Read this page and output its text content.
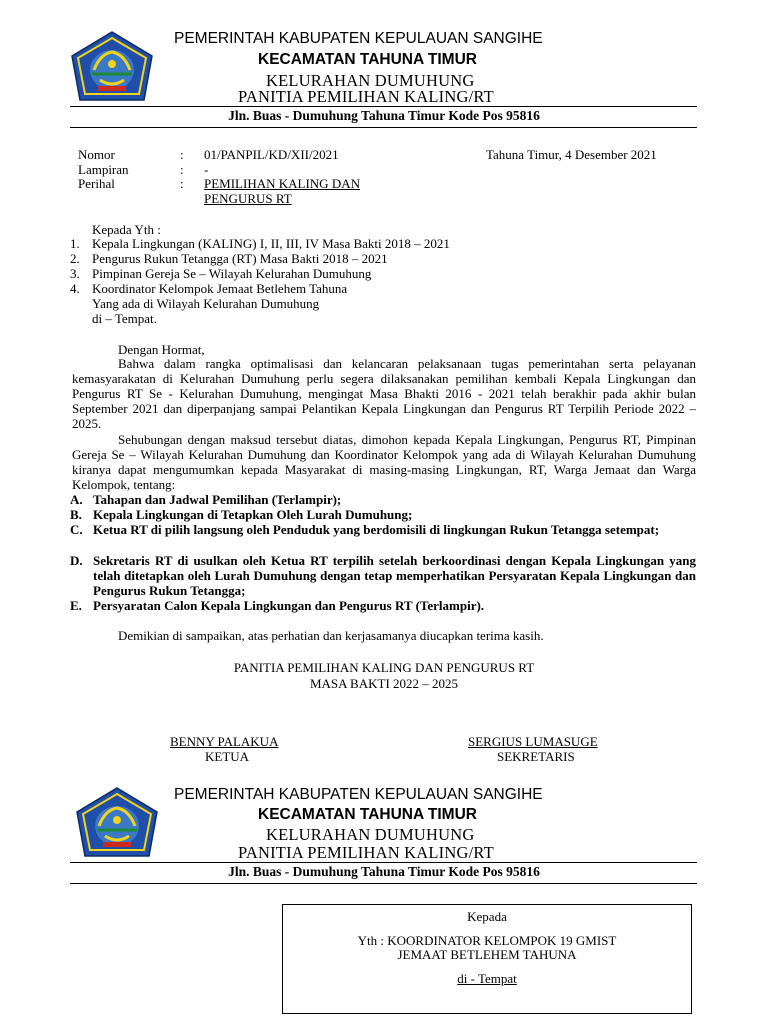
PEMERINTAH KABUPATEN KEPULAUAN SANGIHE
KECAMATAN TAHUNA TIMUR
KELURAHAN DUMUHUNG
PANITIA PEMILIHAN KALING/RT
Jln. Buas - Dumuhung Tahuna Timur Kode Pos 95816
Nomor	: 01/PANPIL/KD/XII/2021	Tahuna Timur, 4 Desember 2021
Lampiran	: -
Perihal	: PEMILIHAN KALING DAN
PENGURUS RT
Kepada Yth :
1. Kepala Lingkungan (KALING) I, II, III, IV Masa Bakti 2018 – 2021
2. Pengurus Rukun Tetangga (RT) Masa Bakti 2018 – 2021
3. Pimpinan Gereja Se – Wilayah Kelurahan Dumuhung
4. Koordinator Kelompok Jemaat Betlehem Tahuna
Yang ada di Wilayah Kelurahan Dumuhung
di – Tempat.
Dengan Hormat,
Bahwa dalam rangka optimalisasi dan kelancaran pelaksanaan tugas pemerintahan serta pelayanan kemasyarakatan di Kelurahan Dumuhung perlu segera dilaksanakan pemilihan kembali Kepala Lingkungan dan Pengurus RT Se - Kelurahan Dumuhung, mengingat Masa Bhakti 2016 - 2021 telah berakhir pada akhir bulan September 2021 dan diperpanjang sampai Pelantikan Kepala Lingkungan dan Pengurus RT Terpilih Periode 2022 – 2025.
Sehubungan dengan maksud tersebut diatas, dimohon kepada Kepala Lingkungan, Pengurus RT, Pimpinan Gereja Se – Wilayah Kelurahan Dumuhung dan Koordinator Kelompok yang ada di Wilayah Kelurahan Dumuhung kiranya dapat mengumumkan kepada Masyarakat di masing-masing Lingkungan, RT, Warga Jemaat dan Warga Kelompok, tentang:
A. Tahapan dan Jadwal Pemilihan (Terlampir);
B. Kepala Lingkungan di Tetapkan Oleh Lurah Dumuhung;
C. Ketua RT di pilih langsung oleh Penduduk yang berdomisili di lingkungan Rukun Tetangga setempat;
D. Sekretaris RT di usulkan oleh Ketua RT terpilih setelah berkoordinasi dengan Kepala Lingkungan yang telah ditetapkan oleh Lurah Dumuhung dengan tetap memperhatikan Persyaratan Kepala Lingkungan dan Pengurus Rukun Tetangga;
E. Persyaratan Calon Kepala Lingkungan dan Pengurus RT (Terlampir).
Demikian di sampaikan, atas perhatian dan kerjasamanya diucapkan terima kasih.
PANITIA PEMILIHAN KALING DAN PENGURUS RT
MASA BAKTI 2022 – 2025
BENNY PALAKUA
KETUA
SERGIUS LUMASUGE
SEKRETARIS
PEMERINTAH KABUPATEN KEPULAUAN SANGIHE
KECAMATAN TAHUNA TIMUR
KELURAHAN DUMUHUNG
PANITIA PEMILIHAN KALING/RT
Jln. Buas - Dumuhung Tahuna Timur Kode Pos 95816
Kepada
Yth : KOORDINATOR KELOMPOK 19 GMIST
JEMAAT BETLEHEM TAHUNA
di - Tempat
